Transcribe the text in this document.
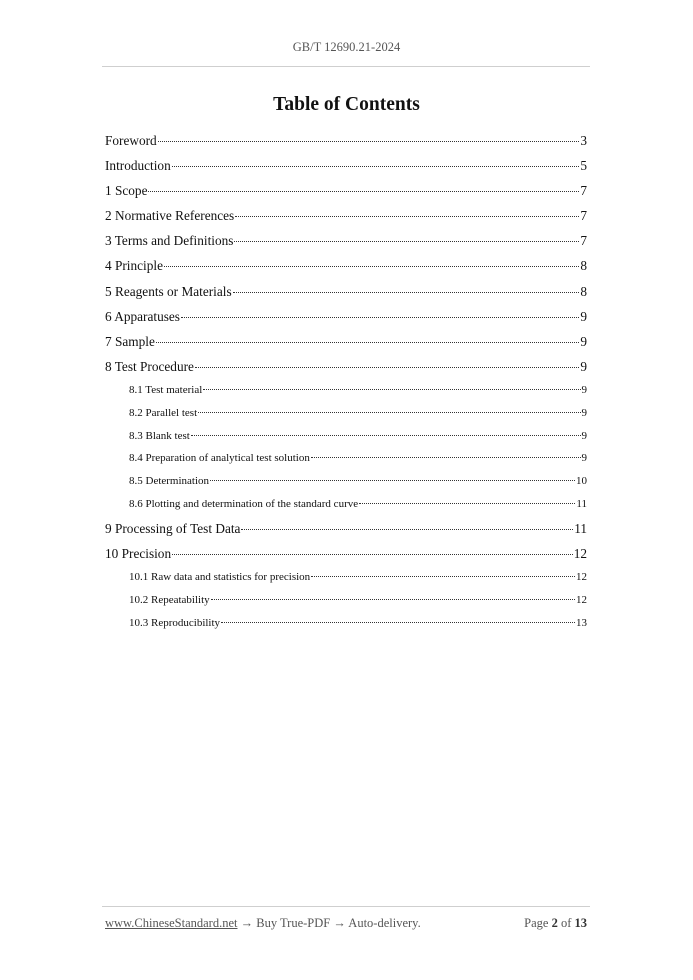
GB/T 12690.21-2024
Table of Contents
Foreword	3
Introduction	5
1 Scope	7
2 Normative References	7
3 Terms and Definitions	7
4 Principle	8
5 Reagents or Materials	8
6 Apparatuses	9
7 Sample	9
8 Test Procedure	9
8.1 Test material	9
8.2 Parallel test	9
8.3 Blank test	9
8.4 Preparation of analytical test solution	9
8.5 Determination	10
8.6 Plotting and determination of the standard curve	11
9 Processing of Test Data	11
10 Precision	12
10.1 Raw data and statistics for precision	12
10.2 Repeatability	12
10.3 Reproducibility	13
www.ChineseStandard.net → Buy True-PDF → Auto-delivery.	Page 2 of 13
